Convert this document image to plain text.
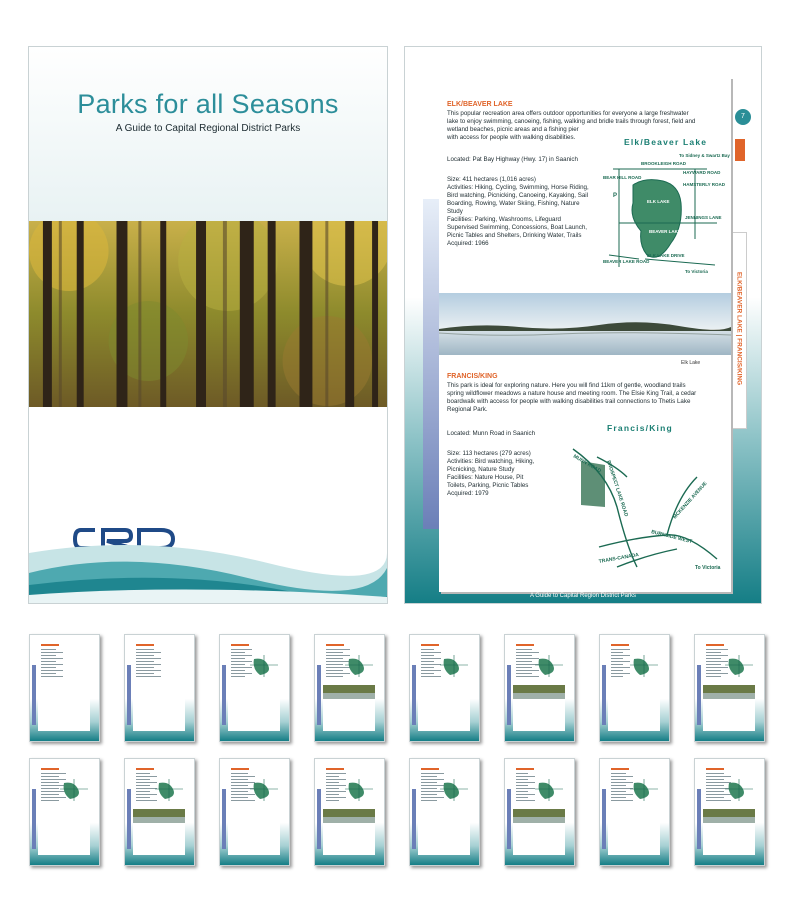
Parks for all Seasons
A Guide to Capital Regional District Parks
7
ELK/BEAVER LAKE | FRANCIS/KING
ELK/BEAVER LAKE
This popular recreation area offers outdoor opportunities for everyone a large freshwater
lake to enjoy swimming, canoeing, fishing, walking and bridle trails through forest, field and
wetland beaches, picnic areas and a fishing pier
with access for people with walking disabilities.
Located: Pat Bay Highway (Hwy. 17) in Saanich
Size: 411 hectares (1,016 acres)
Activities: Hiking, Cycling, Swimming, Horse Riding,
Bird watching, Picnicking, Canoeing, Kayaking, Sail
Boarding, Rowing, Water Skiing, Fishing, Nature
Study
Facilities: Parking, Washrooms, Lifeguard
Supervised Swimming, Concessions, Boat Launch,
Picnic Tables and Shelters, Drinking Water, Trails
Acquired: 1966
Elk/Beaver Lake
To Sidney & Swartz Bay
BROOKLEIGH ROAD
HAYWARD ROAD
BEAR HILL ROAD
HAMSTERLY ROAD
ELK LAKE
BEAVER LAKE
JENNINGS LANE
BEAVER LAKE ROAD
ELK LAKE DRIVE
To Victoria
P
Elk Lake
FRANCIS/KING
This park is ideal for exploring nature. Here you will find 11km of gentle, woodland trails
spring wildflower meadows a nature house and meeting room. The Elsie King Trail, a cedar
boardwalk with access for people with walking disabilities trail connections to Thetis Lake
Regional Park.
Located: Munn Road in Saanich
Size: 113 hectares (279 acres)
Activities: Bird watching, Hiking,
Picnicking, Nature Study
Facilities: Nature House, Pit
Toilets, Parking, Picnic Tables
Acquired: 1979
Francis/King
MUNN ROAD PROSPECT LAKE ROAD
BURNSIDE WEST
MCKENZIE AVENUE
TRANS-CANADA
To Victoria
A Guide to Capital Region District Parks
